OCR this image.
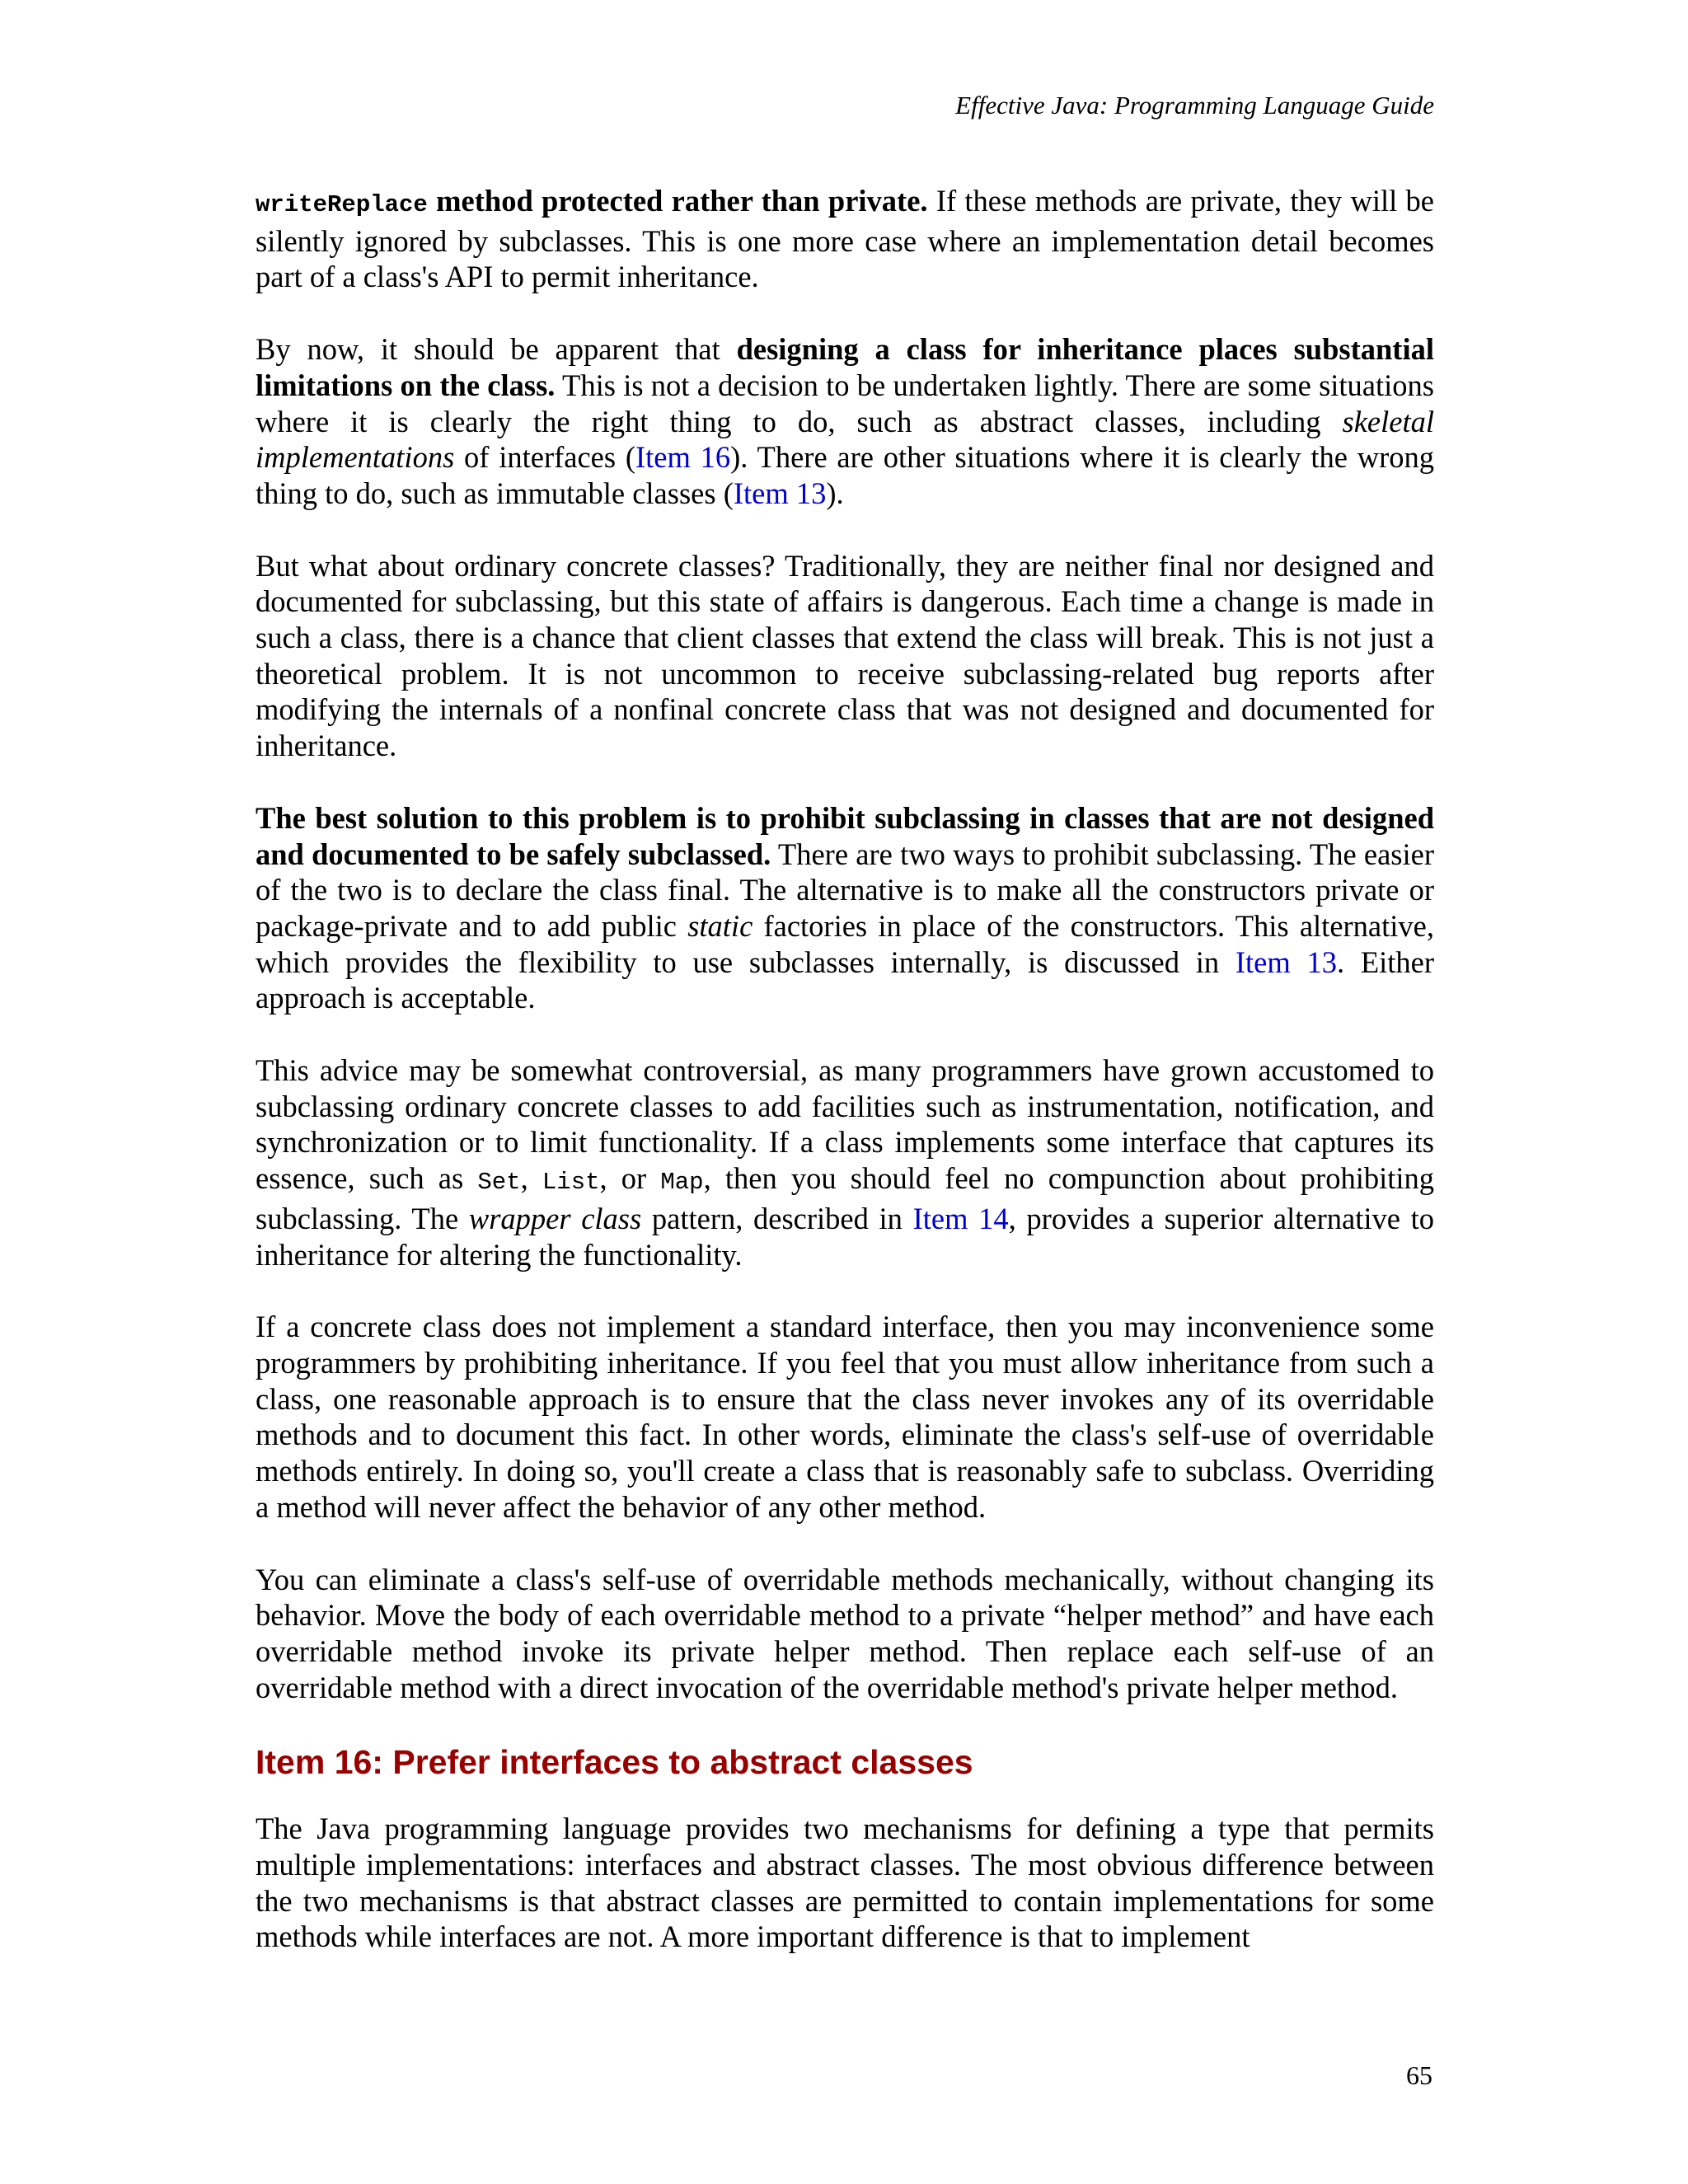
Effective Java: Programming Language Guide

writeReplace method protected rather than private. If these methods are private, they will be silently ignored by subclasses. This is one more case where an implementation detail becomes part of a class's API to permit inheritance.

By now, it should be apparent that designing a class for inheritance places substantial limitations on the class. This is not a decision to be undertaken lightly. There are some situations where it is clearly the right thing to do, such as abstract classes, including skeletal implementations of interfaces (Item 16). There are other situations where it is clearly the wrong thing to do, such as immutable classes (Item 13).

But what about ordinary concrete classes? Traditionally, they are neither final nor designed and documented for subclassing, but this state of affairs is dangerous. Each time a change is made in such a class, there is a chance that client classes that extend the class will break. This is not just a theoretical problem. It is not uncommon to receive subclassing-related bug reports after modifying the internals of a nonfinal concrete class that was not designed and documented for inheritance.

The best solution to this problem is to prohibit subclassing in classes that are not designed and documented to be safely subclassed. There are two ways to prohibit subclassing. The easier of the two is to declare the class final. The alternative is to make all the constructors private or package-private and to add public static factories in place of the constructors. This alternative, which provides the flexibility to use subclasses internally, is discussed in Item 13. Either approach is acceptable.

This advice may be somewhat controversial, as many programmers have grown accustomed to subclassing ordinary concrete classes to add facilities such as instrumentation, notification, and synchronization or to limit functionality. If a class implements some interface that captures its essence, such as Set, List, or Map, then you should feel no compunction about prohibiting subclassing. The wrapper class pattern, described in Item 14, provides a superior alternative to inheritance for altering the functionality.

If a concrete class does not implement a standard interface, then you may inconvenience some programmers by prohibiting inheritance. If you feel that you must allow inheritance from such a class, one reasonable approach is to ensure that the class never invokes any of its overridable methods and to document this fact. In other words, eliminate the class's self-use of overridable methods entirely. In doing so, you'll create a class that is reasonably safe to subclass. Overriding a method will never affect the behavior of any other method.

You can eliminate a class's self-use of overridable methods mechanically, without changing its behavior. Move the body of each overridable method to a private “helper method” and have each overridable method invoke its private helper method. Then replace each self-use of an overridable method with a direct invocation of the overridable method's private helper method.

Item 16: Prefer interfaces to abstract classes

The Java programming language provides two mechanisms for defining a type that permits multiple implementations: interfaces and abstract classes. The most obvious difference between the two mechanisms is that abstract classes are permitted to contain implementations for some methods while interfaces are not. A more important difference is that to implement

65
